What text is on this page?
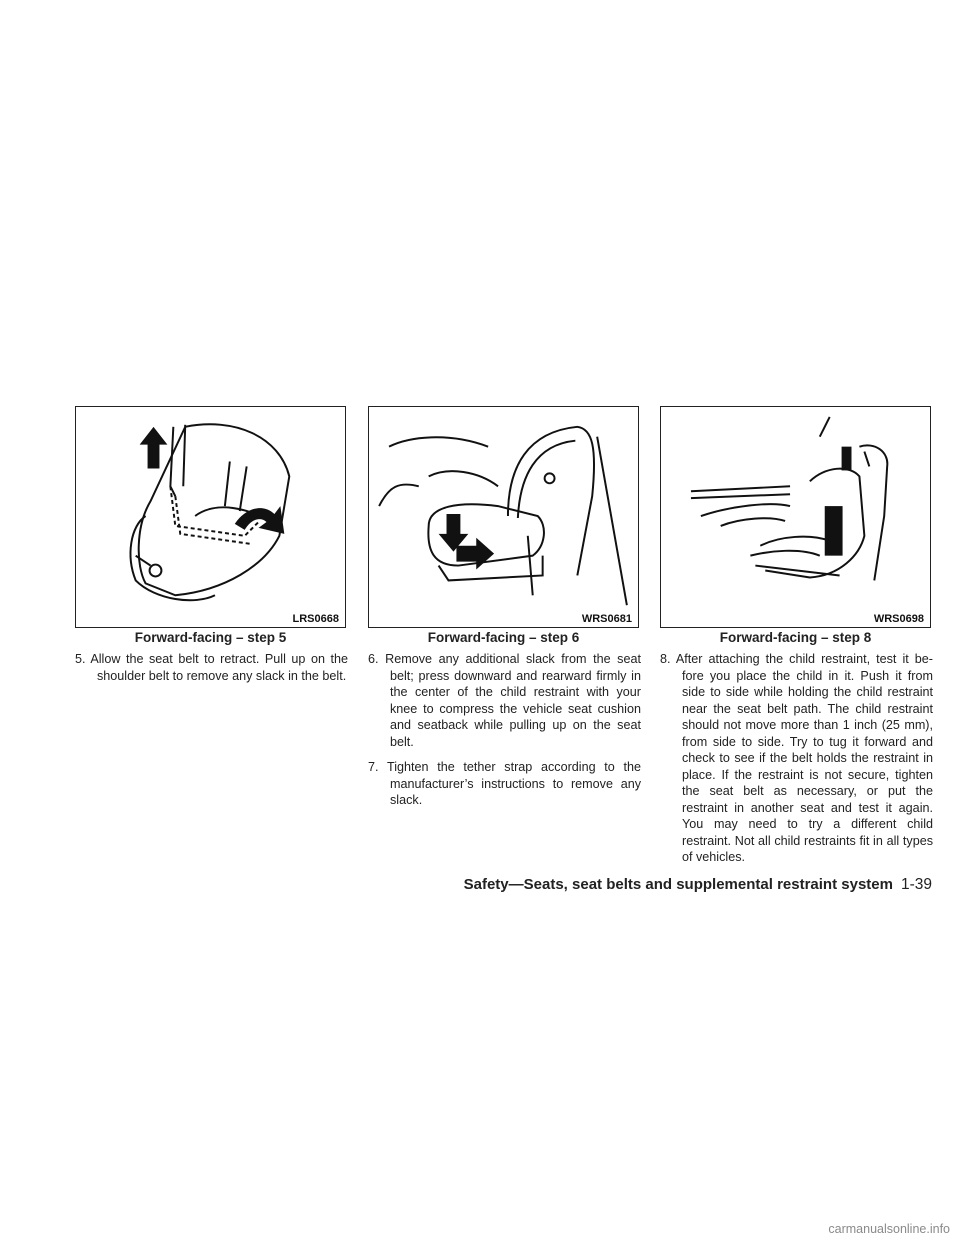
LRS0668	WRS0681	WRS0698
Forward-facing – step 5	Forward-facing – step 6	Forward-facing – step 8

5. Allow the seat belt to retract. Pull up on the shoulder belt to remove any slack in the belt.

6. Remove any additional slack from the seat belt; press downward and rearward firmly in the center of the child restraint with your knee to compress the vehicle seat cushion and seatback while pulling up on the seat belt.

7. Tighten the tether strap according to the manufacturer’s instructions to remove any slack.

8. After attaching the child restraint, test it be-fore you place the child in it. Push it from side to side while holding the child restraint near the seat belt path. The child restraint should not move more than 1 inch (25 mm), from side to side. Try to tug it forward and check to see if the belt holds the restraint in place. If the restraint is not secure, tighten the seat belt as necessary, or put the restraint in another seat and test it again. You may need to try a different child restraint. Not all child restraints fit in all types of vehicles.

Safety—Seats, seat belts and supplemental restraint system 1-39
carmanualsonline.info
